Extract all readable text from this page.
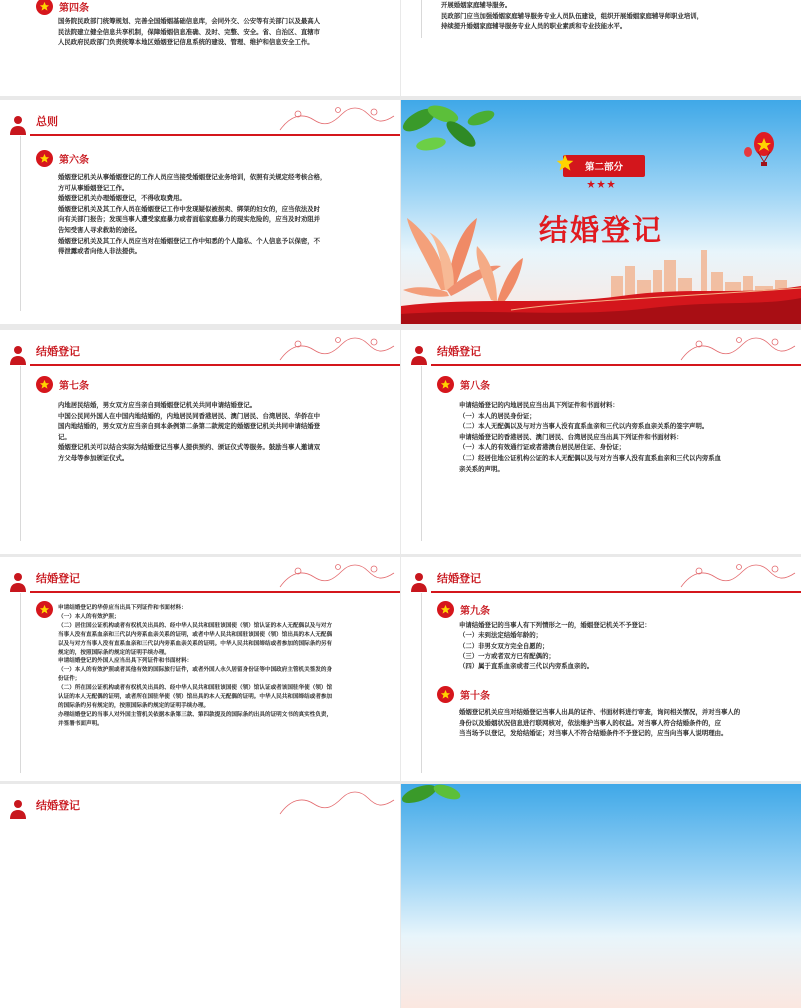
第四条

国务院民政部门统筹规划、完善全国婚姻基础信息库，会同外交、公安等有关部门以及最高人

民法院建立健全信息共享机制，保障婚姻信息准确、及时、完整、安全。省、自治区、直辖市

人民政府民政部门负责统筹本地区婚姻登记信息系统的建设、管理、维护和信息安全工作。

开展婚姻家庭辅导服务。

民政部门应当加强婚姻家庭辅导服务专业人员队伍建设，组织开展婚姻家庭辅导师职业培训，

持续提升婚姻家庭辅导服务专业人员的职业素质和专业技能水平。

总则
第六条

婚姻登记机关从事婚姻登记的工作人员应当接受婚姻登记业务培训，依照有关规定经考核合格，

方可从事婚姻登记工作。

婚姻登记机关办理婚姻登记，不得收取费用。

婚姻登记机关及其工作人员在婚姻登记工作中发现疑似被拐卖、绑架的妇女的，应当依法及时

向有关部门报告；发现当事人遭受家庭暴力或者面临家庭暴力的现实危险的，应当及时劝阻并

告知受害人寻求救助的途径。

婚姻登记机关及其工作人员应当对在婚姻登记工作中知悉的个人隐私、个人信息予以保密，不

得泄露或者向他人非法提供。

第二部分
结婚登记
结婚登记
第七条

内地居民结婚，男女双方应当亲自到婚姻登记机关共同申请结婚登记。

中国公民同外国人在中国内地结婚的，内地居民同香港居民、澳门居民、台湾居民、华侨在中

国内地结婚的，男女双方应当亲自到本条例第二条第二款规定的婚姻登记机关共同申请结婚登

记。

婚姻登记机关可以结合实际为结婚登记当事人提供预约、颁证仪式等服务。鼓励当事人邀请双

方父母等参加颁证仪式。

结婚登记
第八条

申请结婚登记的内地居民应当出具下列证件和书面材料：

（一）本人的居民身份证；

（二）本人无配偶以及与对方当事人没有直系血亲和三代以内旁系血亲关系的签字声明。

申请结婚登记的香港居民、澳门居民、台湾居民应当出具下列证件和书面材料：

（一）本人的有效通行证或者港澳台居民居住证、身份证；

（二）经居住地公证机构公证的本人无配偶以及与对方当事人没有直系血亲和三代以内旁系血

亲关系的声明。

结婚登记

申请结婚登记的华侨应当出具下列证件和书面材料：

（一）本人的有效护照；

（二）居住国公证机构或者有权机关出具的、经中华人民共和国驻该国使（领）馆认证的本人无配偶以及与对方

当事人没有直系血亲和三代以内旁系血亲关系的证明，或者中华人民共和国驻该国使（领）馆出具的本人无配偶

以及与对方当事人没有直系血亲和三代以内旁系血亲关系的证明。中华人民共和国缔结或者参加的国际条约另有

规定的，按照国际条约规定的证明手续办理。

申请结婚登记的外国人应当出具下列证件和书面材料：

（一）本人的有效护照或者其他有效的国际旅行证件，或者外国人永久居留身份证等中国政府主管机关签发的身

份证件；

（二）所在国公证机构或者有权机关出具的、经中华人民共和国驻该国使（领）馆认证或者该国驻华使（领）馆

认证的本人无配偶的证明，或者所在国驻华使（领）馆出具的本人无配偶的证明。中华人民共和国缔结或者参加

的国际条约另有规定的，按照国际条约规定的证明手续办理。

办理结婚登记的当事人对外国主管机关依据本条第三款、第四款提及的国际条约出具的证明文书的真实性负责，

并签署书面声明。

结婚登记
第九条

申请结婚登记的当事人有下列情形之一的，婚姻登记机关不予登记：

（一）未到法定结婚年龄的；

（二）非男女双方完全自愿的；

（三）一方或者双方已有配偶的；

（四）属于直系血亲或者三代以内旁系血亲的。

第十条

婚姻登记机关应当对结婚登记当事人出具的证件、书面材料进行审查，询问相关情况，并对当事人的

身份以及婚姻状况信息进行联网核对，依法维护当事人的权益。对当事人符合结婚条件的，应

当当场予以登记，发给结婚证；对当事人不符合结婚条件不予登记的，应当向当事人说明理由。

结婚登记
